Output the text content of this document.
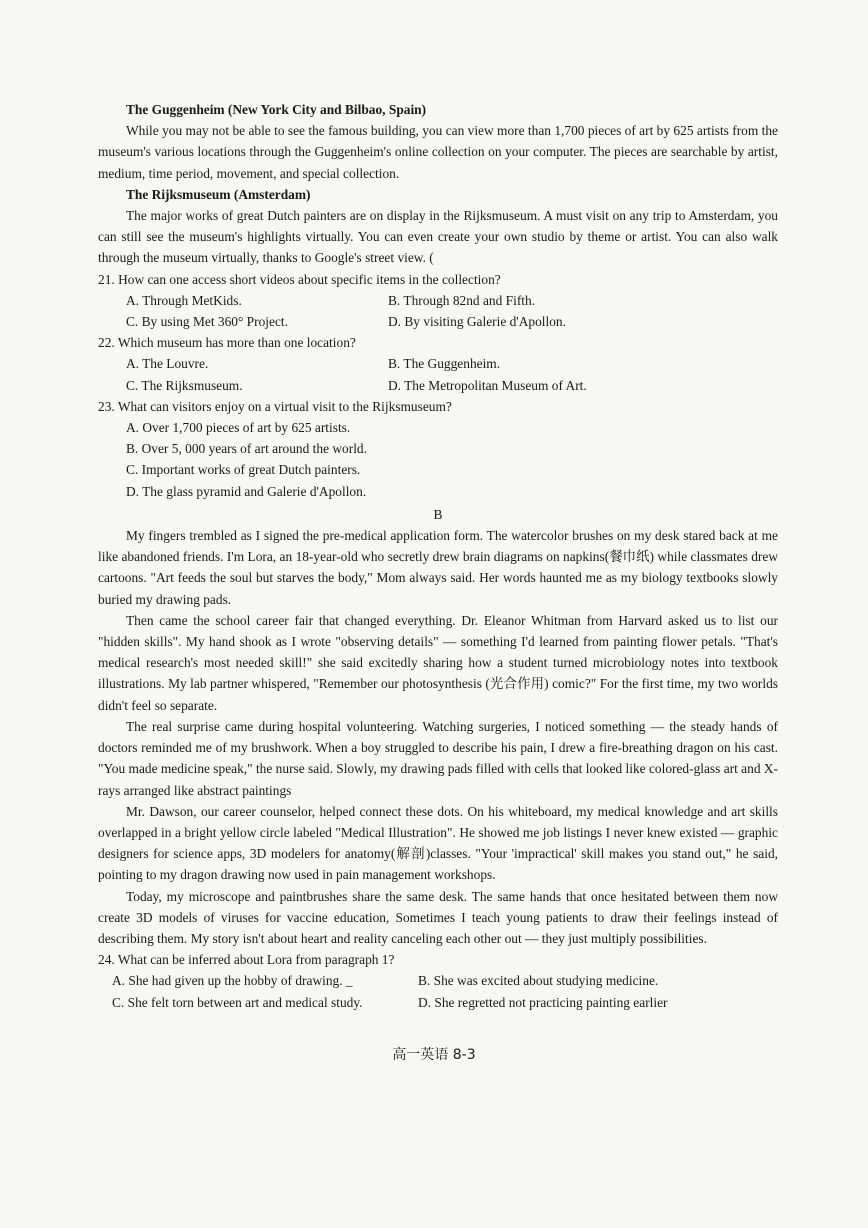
The Guggenheim (New York City and Bilbao, Spain)

While you may not be able to see the famous building, you can view more than 1,700 pieces of art by 625 artists from the museum's various locations through the Guggenheim's online collection on your computer. The pieces are searchable by artist, medium, time period, movement, and special collection.

The Rijksmuseum (Amsterdam)

The major works of great Dutch painters are on display in the Rijksmuseum. A must visit on any trip to Amsterdam, you can still see the museum's highlights virtually. You can even create your own studio by theme or artist. You can also walk through the museum virtually, thanks to Google's street view. (

21. How can one access short videos about specific items in the collection?

A. Through MetKids.	B. Through 82nd and Fifth.
C. By using Met 360° Project.	D. By visiting Galerie d'Apollon.

22. Which museum has more than one location?

A. The Louvre.	B. The Guggenheim.
C. The Rijksmuseum.	D. The Metropolitan Museum of Art.

23. What can visitors enjoy on a virtual visit to the Rijksmuseum?

A. Over 1,700 pieces of art by 625 artists.
B. Over 5, 000 years of art around the world.
C. Important works of great Dutch painters.
D. The glass pyramid and Galerie d'Apollon.
B

My fingers trembled as I signed the pre-medical application form. The watercolor brushes on my desk stared back at me like abandoned friends. I'm Lora, an 18-year-old who secretly drew brain diagrams on napkins(餐巾纸) while classmates drew cartoons. "Art feeds the soul but starves the body," Mom always said. Her words haunted me as my biology textbooks slowly buried my drawing pads.

Then came the school career fair that changed everything. Dr. Eleanor Whitman from Harvard asked us to list our "hidden skills". My hand shook as I wrote "observing details" — something I'd learned from painting flower petals. "That's medical research's most needed skill!" she said excitedly sharing how a student turned microbiology notes into textbook illustrations. My lab partner whispered, "Remember our photosynthesis (光合作用) comic?" For the first time, my two worlds didn't feel so separate.

The real surprise came during hospital volunteering. Watching surgeries, I noticed something — the steady hands of doctors reminded me of my brushwork. When a boy struggled to describe his pain, I drew a fire-breathing dragon on his cast. "You made medicine speak," the nurse said. Slowly, my drawing pads filled with cells that looked like colored-glass art and X-rays arranged like abstract paintings

Mr. Dawson, our career counselor, helped connect these dots. On his whiteboard, my medical knowledge and art skills overlapped in a bright yellow circle labeled "Medical Illustration". He showed me job listings I never knew existed — graphic designers for science apps, 3D modelers for anatomy(解剖)classes. "Your 'impractical' skill makes you stand out," he said, pointing to my dragon drawing now used in pain management workshops.

Today, my microscope and paintbrushes share the same desk. The same hands that once hesitated between them now create 3D models of viruses for vaccine education, Sometimes I teach young patients to draw their feelings instead of describing them. My story isn't about heart and reality canceling each other out — they just multiply possibilities.

24. What can be inferred about Lora from paragraph 1?

A. She had given up the hobby of drawing. _	B. She was excited about studying medicine.
C. She felt torn between art and medical study.	D. She regretted not practicing painting earlier
高一英语 8-3
